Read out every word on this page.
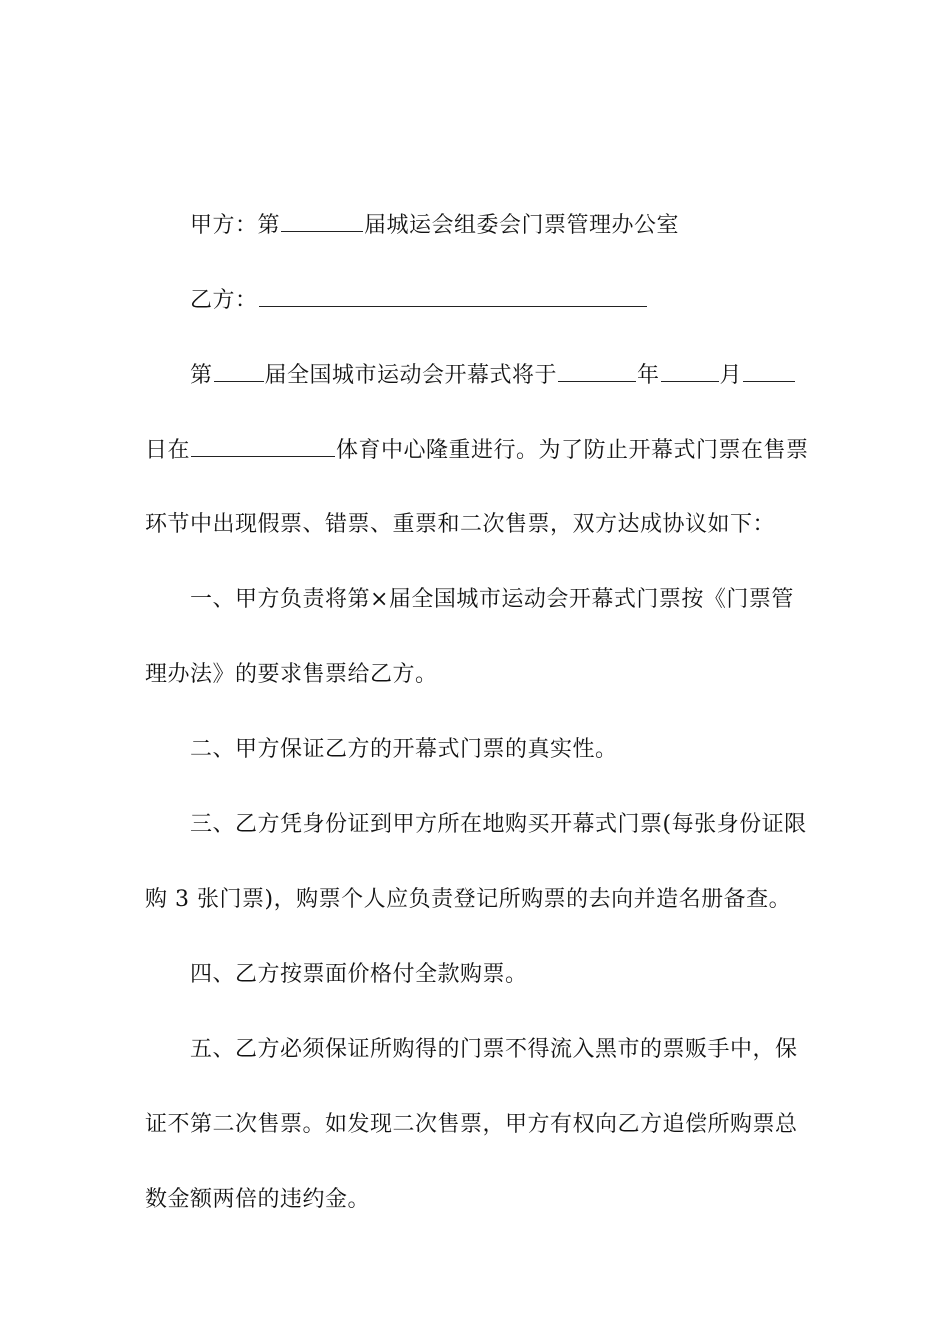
甲方：第	届城运会组委会门票管理办公室
乙方：
第 届全国城市运动会开幕式将于	年	月
日在	体育中心隆重进行。为了防止开幕式门票在售票
环节中出现假票、错票、重票和二次售票，双方达成协议如下：
一、甲方负责将第×届全国城市运动会开幕式门票按《门票管
理办法》的要求售票给乙方。
二、甲方保证乙方的开幕式门票的真实性。
三、乙方凭身份证到甲方所在地购买开幕式门票(每张身份证限
购 3 张门票)，购票个人应负责登记所购票的去向并造名册备查。
四、乙方按票面价格付全款购票。
五、乙方必须保证所购得的门票不得流入黑市的票贩手中，保
证不第二次售票。如发现二次售票，甲方有权向乙方追偿所购票总
数金额两倍的违约金。
